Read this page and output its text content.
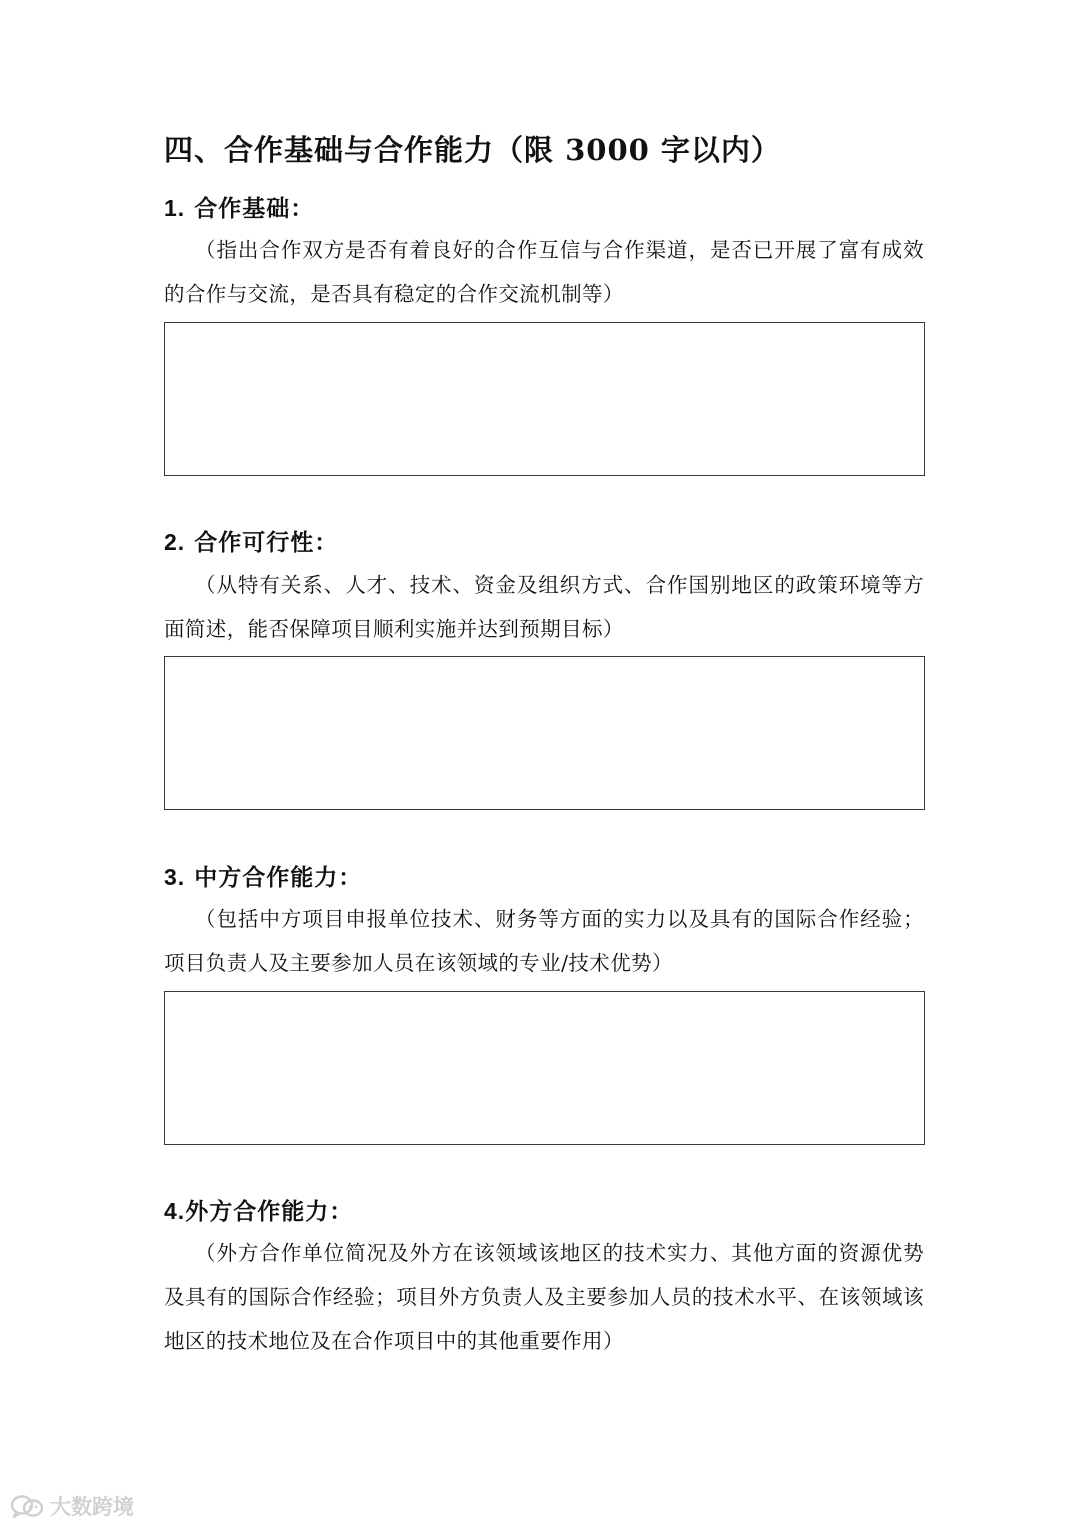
四、合作基础与合作能力（限 3000 字以内）
1. 合作基础：
（指出合作双方是否有着良好的合作互信与合作渠道，是否已开展了富有成效的合作与交流，是否具有稳定的合作交流机制等）
2. 合作可行性：
（从特有关系、人才、技术、资金及组织方式、合作国别地区的政策环境等方面简述，能否保障项目顺利实施并达到预期目标）
3. 中方合作能力：
（包括中方项目申报单位技术、财务等方面的实力以及具有的国际合作经验；项目负责人及主要参加人员在该领域的专业/技术优势）
4.外方合作能力：
（外方合作单位简况及外方在该领域该地区的技术实力、其他方面的资源优势及具有的国际合作经验；项目外方负责人及主要参加人员的技术水平、在该领域该地区的技术地位及在合作项目中的其他重要作用）
大数跨境
